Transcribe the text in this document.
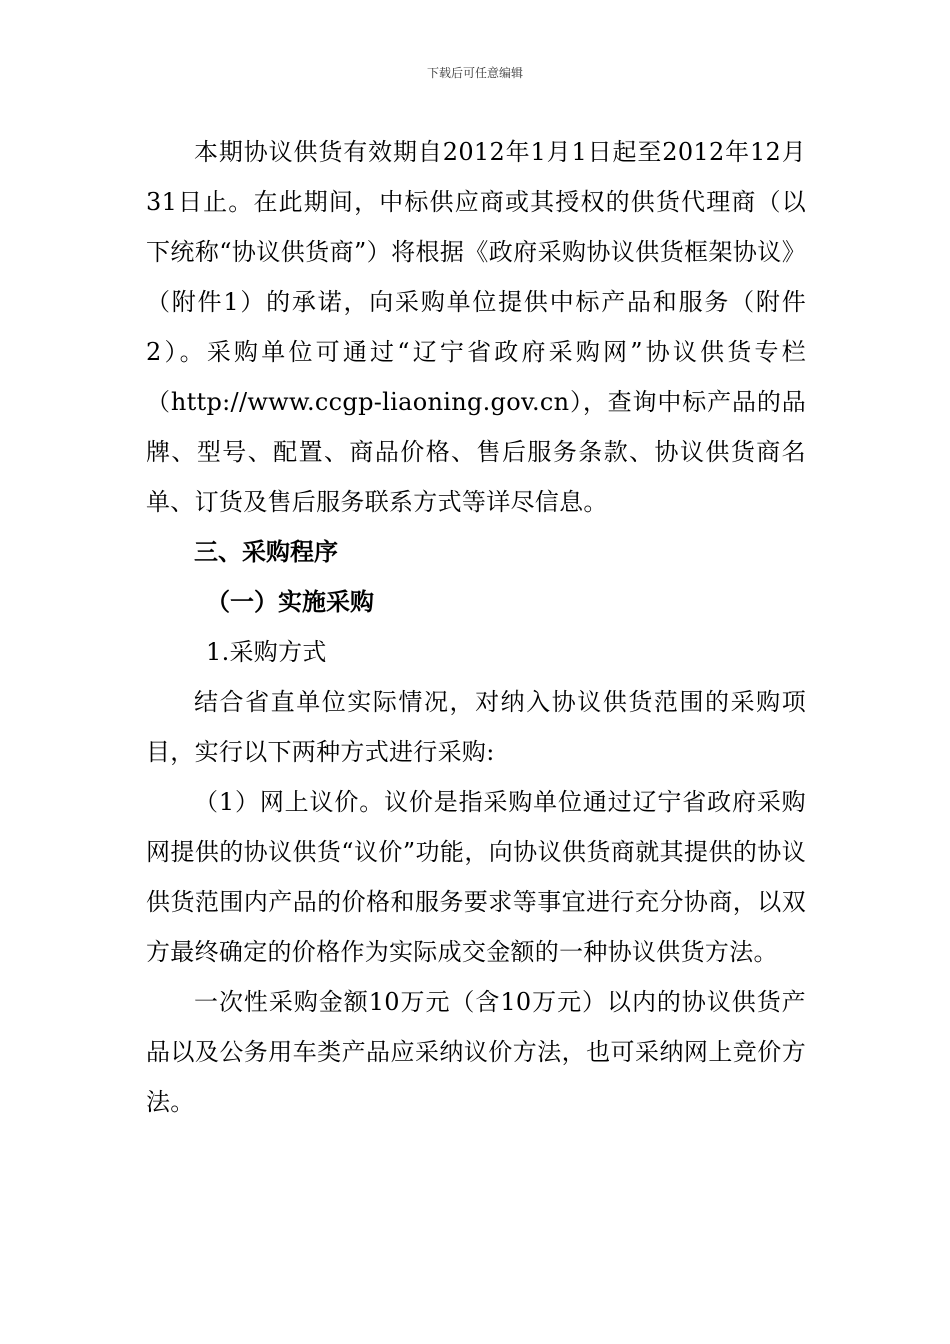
下载后可任意编辑

本期协议供货有效期自2012年1月1日起至2012年12月31日止。在此期间，中标供应商或其授权的供货代理商（以下统称“协议供货商”）将根据《政府采购协议供货框架协议》（附件1）的承诺，向采购单位提供中标产品和服务（附件2）。采购单位可通过“辽宁省政府采购网”协议供货专栏（http://www.ccgp-liaoning.gov.cn），查询中标产品的品牌、型号、配置、商品价格、售后服务条款、协议供货商名单、订货及售后服务联系方式等详尽信息。

三、采购程序

（一）实施采购

1.采购方式

结合省直单位实际情况，对纳入协议供货范围的采购项目，实行以下两种方式进行采购:

（1）网上议价。议价是指采购单位通过辽宁省政府采购网提供的协议供货“议价”功能，向协议供货商就其提供的协议供货范围内产品的价格和服务要求等事宜进行充分协商，以双方最终确定的价格作为实际成交金额的一种协议供货方法。

一次性采购金额10万元（含10万元）以内的协议供货产品以及公务用车类产品应采纳议价方法，也可采纳网上竞价方法。
